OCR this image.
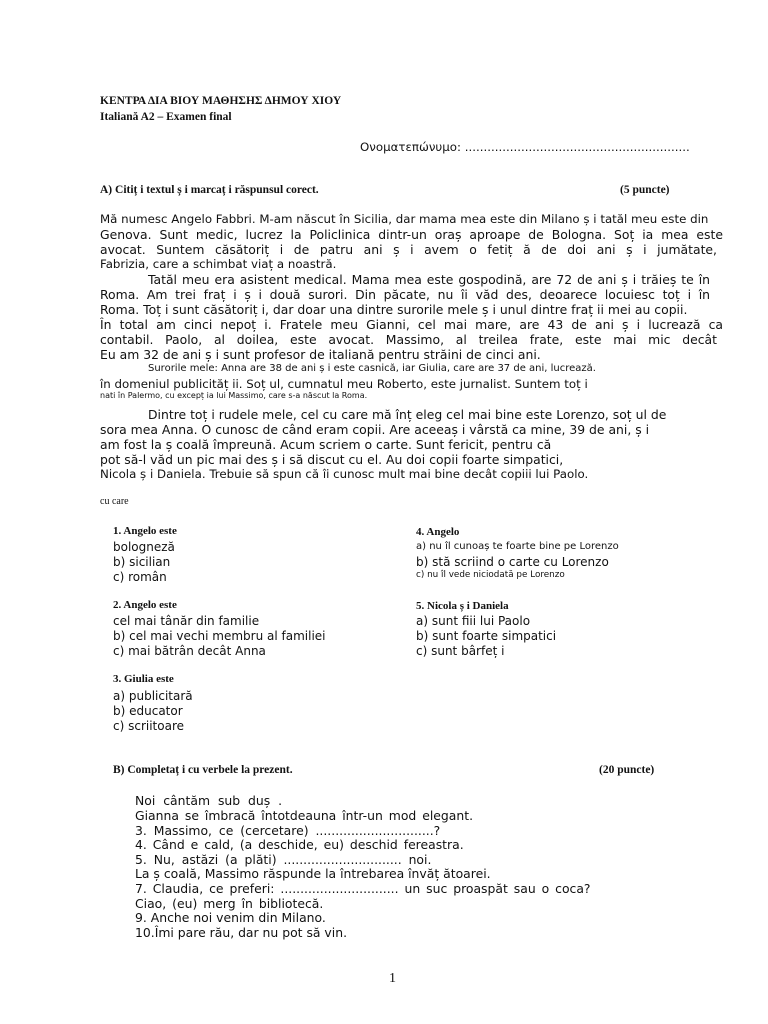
ΚΕΝΤΡΑ ΔΙΑ ΒΙΟΥ ΜΑΘΗΣΗΣ ΔΗΜΟΥ ΧΙΟΥ
Italiană A2 – Examen final
Ονοματεπώνυμο: ............................................................
A) Citiț i textul ș i marcaț i răspunsul corect.	(5 puncte)
Mă numesc Angelo Fabbri. M-am născut în Sicilia, dar mama mea este din Milano ș i tatăl meu este din
Genova. Sunt medic, lucrez la Policlinica dintr-un oraș aproape de Bologna. Soț ia mea este
avocat. Suntem căsătoriț i de patru ani ș i avem o fetiț ă de doi ani ș i jumătate,
Fabrizia, care a schimbat viaț a noastră.
Tatăl meu era asistent medical. Mama mea este gospodină, are 72 de ani ș i trăieș te în
Roma. Am trei fraț i ș i două surori. Din păcate, nu îi văd des, deoarece locuiesc toț i în
Roma. Toț i sunt căsătoriț i, dar doar una dintre surorile mele ș i unul dintre fraț ii mei au copii.
În total am cinci nepoț i. Fratele meu Gianni, cel mai mare, are 43 de ani ș i lucrează ca
contabil. Paolo, al doilea, este avocat. Massimo, al treilea frate, este mai mic decât
Eu am 32 de ani ș i sunt profesor de italiană pentru străini de cinci ani.
Surorile mele: Anna are 38 de ani ș i este casnică, iar Giulia, care are 37 de ani, lucrează.
în domeniul publicităț ii. Soț ul, cumnatul meu Roberto, este jurnalist. Suntem toț i
nati în Palermo, cu excepț ia lui Massimo, care s-a născut la Roma.
Dintre toț i rudele mele, cel cu care mă înț eleg cel mai bine este Lorenzo, soț ul de
sora mea Anna. O cunosc de când eram copii. Are aceeaș i vârstă ca mine, 39 de ani, ș i
am fost la ș coală împreună. Acum scriem o carte. Sunt fericit, pentru că
pot să-l văd un pic mai des ș i să discut cu el. Au doi copii foarte simpatici,
Nicola ș i Daniela. Trebuie să spun că îi cunosc mult mai bine decât copiii lui Paolo.
cu care
1. Angelo este
bologneză
b) sicilian
c) român
2. Angelo este
cel mai tânăr din familie
b) cel mai vechi membru al familiei
c) mai bătrân decât Anna
3. Giulia este
a) publicitară
b) educator
c) scriitoare
4. Angelo
a) nu îl cunoaș te foarte bine pe Lorenzo
b) stă scriind o carte cu Lorenzo
c) nu îl vede niciodată pe Lorenzo
5. Nicola ș i Daniela
a) sunt fiii lui Paolo
b) sunt foarte simpatici
c) sunt bârfeț i
B) Completaț i cu verbele la prezent.	(20 puncte)
Noi cântăm sub duș .
Gianna se îmbracă întotdeauna într-un mod elegant.
3. Massimo, ce (cercetare) ..............................?
4. Când e cald, (a deschide, eu) deschid fereastra.
5. Nu, astăzi (a plăti) .............................. noi.
La ș coală, Massimo răspunde la întrebarea învăț ătoarei.
7. Claudia, ce preferi: .............................. un suc proaspăt sau o coca?
Ciao, (eu) merg în bibliotecă.
9. Anche noi venim din Milano.
10.Îmi pare rău, dar nu pot să vin.
1
